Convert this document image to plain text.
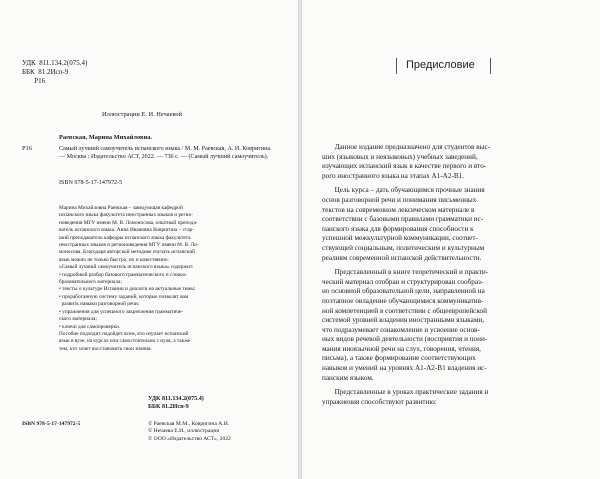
УДК  811.134.2(075.4)
ББК  81.2Исп-9
Р16
Иллюстрации Е. И. Нечаевой
Раевская, Марина Михайловна.
Р16	Самый лучший самоучитель испанского языка / М. М. Раевская, А. И. Ковригина. — Москва : Издательство АСТ, 2022. — 736 с. — (Самый лучший самоучитель).
ISBN 978-5-17-147972-5

Марина Михайловна Раевская – заведующая кафедрой
испанского языка факультета иностранных языков и регио-
новедения МГУ имени М. В. Ломоносова, опытный препода-
ватель испанского языка. Анна Ивановна Ковригина – стар-
ший преподаватель кафедры испанского языка факультета
иностранных языков и регионоведения МГУ имени М. В. Ло-
моносова. Благодаря авторской методике изучать испанский
язык можно не только быстро, но и качественно.

«Самый лучший самоучитель испанского языка» содержит:
• подробный разбор базового грамматического и словоо-
бразовательного материала;
• тексты о культуре Испании и диалоги на актуальные темы;
• проработанную систему заданий, которые позволят вам
развить навыки разговорной речи;
• упражнения для успешного закрепления грамматиче-
ского материала;
• ключи для самопроверки.

Пособие подходит подойдет всем, кто изучает испанский
язык в вузе, на курсах или самостоятельно с нуля, а также
тем, кто хочет восстановить свои знания.

УДК 811.134.2(075.4)
ББК 81.2Исп-9
ISBN 978-5-17-147972-5	© Раевская М.М., Ковригина А.И.
© Нечаева Е.И., иллюстрации
© ООО «Издательство АСТ», 2022
Предисловие

Данное издание предназначено для студентов выс-
ших (языковых и неязыковых) учебных заведений,
изучающих испанский язык в качестве первого и вто-
рого иностранного языка на этапах А1-А2-В1.

Цель курса – дать обучающимся прочные знания
основ разговорной речи и понимания письменных
текстов на современном лексическом материале в
соответствии с базовыми правилами грамматики ис-
панского языка для формирования способности к
успешной межкультурной коммуникации, соответ-
ствующей социальным, политическим и культурным
реалиям современной испанской действительности.

Представленный в книге теоретический и практи-
ческий материал отобран и структурирован сообраз-
но основной образовательной цели, направленной на
поэтапное овладение обучающимися коммуникатив-
ной компетенцией в соответствии с общеевропейской
системой уровней владения иностранными языками,
что подразумевает ознакомление и усвоение основ-
ных видов речевой деятельности (восприятия и пони-
мания иноязычной речи на слух, говорения, чтения,
письма), а также формирование соответствующих
навыков и умений на уровнях А1-А2-В1 владения ис-
панским языком.

Представленные в уроках практические задания и
упражнения способствуют развитию:
